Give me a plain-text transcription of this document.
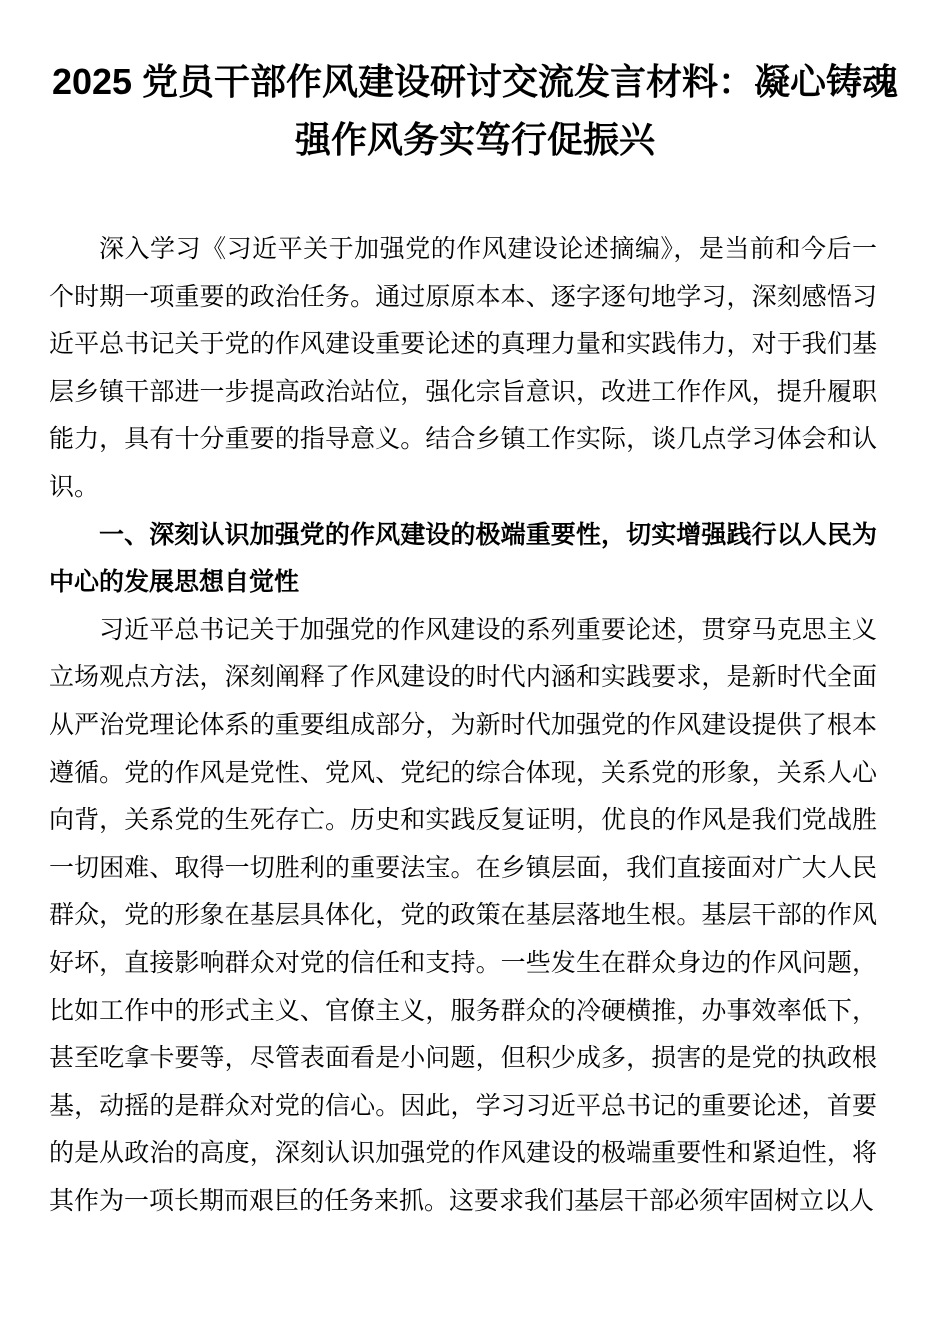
2025 党员干部作风建设研讨交流发言材料：凝心铸魂
强作风务实笃行促振兴

深入学习《习近平关于加强党的作风建设论述摘编》，是当前和今后一个时期一项重要的政治任务。通过原原本本、逐字逐句地学习，深刻感悟习近平总书记关于党的作风建设重要论述的真理力量和实践伟力，对于我们基层乡镇干部进一步提高政治站位，强化宗旨意识，改进工作作风，提升履职能力，具有十分重要的指导意义。结合乡镇工作实际，谈几点学习体会和认识。

一、深刻认识加强党的作风建设的极端重要性，切实增强践行以人民为中心的发展思想自觉性

习近平总书记关于加强党的作风建设的系列重要论述，贯穿马克思主义立场观点方法，深刻阐释了作风建设的时代内涵和实践要求，是新时代全面从严治党理论体系的重要组成部分，为新时代加强党的作风建设提供了根本遵循。党的作风是党性、党风、党纪的综合体现，关系党的形象，关系人心向背，关系党的生死存亡。历史和实践反复证明，优良的作风是我们党战胜一切困难、取得一切胜利的重要法宝。在乡镇层面，我们直接面对广大人民群众，党的形象在基层具体化，党的政策在基层落地生根。基层干部的作风好坏，直接影响群众对党的信任和支持。一些发生在群众身边的作风问题，比如工作中的形式主义、官僚主义，服务群众的冷硬横推，办事效率低下，甚至吃拿卡要等，尽管表面看是小问题，但积少成多，损害的是党的执政根基，动摇的是群众对党的信心。因此，学习习近平总书记的重要论述，首要的是从政治的高度，深刻认识加强党的作风建设的极端重要性和紧迫性，将其作为一项长期而艰巨的任务来抓。这要求我们基层干部必须牢固树立以人
